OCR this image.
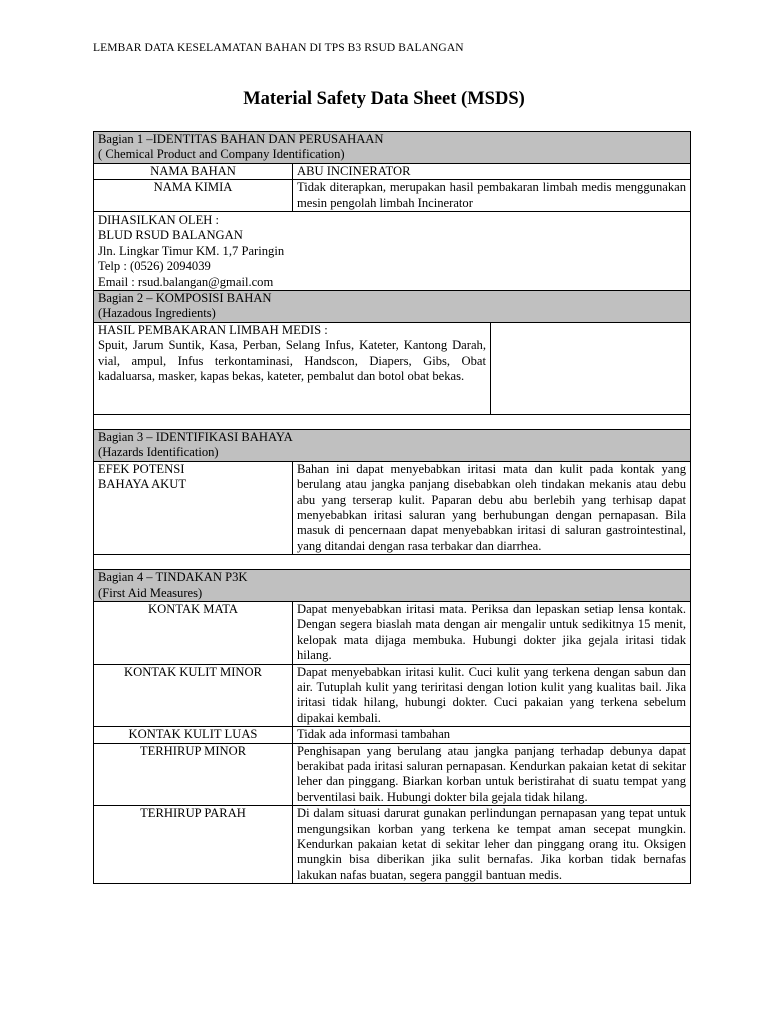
LEMBAR DATA KESELAMATAN BAHAN DI TPS B3 RSUD BALANGAN
Material Safety Data Sheet (MSDS)
Bagian 1 –IDENTITAS BAHAN DAN PERUSAHAAN
( Chemical Product and Company Identification)		

NAMA BAHAN	ABU INCINERATOR	
NAMA KIMIA	Tidak diterapkan, merupakan hasil pembakaran limbah medis menggunakan mesin pengolah limbah Incinerator	

DIHASILKAN OLEH :
BLUD RSUD BALANGAN
Jln. Lingkar Timur KM. 1,7 Paringin
Telp : (0526) 2094039
Email : rsud.balangan@gmail.com		

Bagian 2 – KOMPOSISI BAHAN
(Hazadous Ingredients)		

HASIL PEMBAKARAN LIMBAH MEDIS :
Spuit, Jarum Suntik, Kasa, Perban, Selang Infus, Kateter, Kantong Darah, vial, ampul, Infus terkontaminasi, Handscon, Diapers, Gibs, Obat kadaluarsa, masker, kapas bekas, kateter, pembalut dan botol obat bekas.		

Bagian 3 – IDENTIFIKASI BAHAYA
(Hazards Identification)		

EFEK POTENSI
BAHAYA AKUT	Bahan ini dapat menyebabkan iritasi mata dan kulit pada kontak yang berulang atau jangka panjang disebabkan oleh tindakan mekanis atau debu abu yang terserap kulit. Paparan debu abu berlebih yang terhisap dapat menyebabkan iritasi saluran yang berhubungan dengan pernapasan. Bila masuk di pencernaan dapat menyebabkan iritasi di saluran gastrointestinal, yang ditandai dengan rasa terbakar dan diarrhea.	

Bagian 4 – TINDAKAN P3K
(First Aid Measures)		

KONTAK MATA	Dapat menyebabkan iritasi mata. Periksa dan lepaskan setiap lensa kontak. Dengan segera biaslah mata dengan air mengalir untuk sedikitnya 15 menit, kelopak mata dijaga membuka. Hubungi dokter jika gejala iritasi tidak hilang.	
KONTAK KULIT MINOR	Dapat menyebabkan iritasi kulit. Cuci kulit yang terkena dengan sabun dan air. Tutuplah kulit yang teriritasi dengan lotion kulit yang kualitas bail. Jika iritasi tidak hilang, hubungi dokter. Cuci pakaian yang terkena sebelum dipakai kembali.	
KONTAK KULIT LUAS	Tidak ada informasi tambahan	
TERHIRUP MINOR	Penghisapan yang berulang atau jangka panjang terhadap debunya dapat berakibat pada iritasi saluran pernapasan. Kendurkan pakaian ketat di sekitar leher dan pinggang. Biarkan korban untuk beristirahat di suatu tempat yang berventilasi baik. Hubungi dokter bila gejala tidak hilang.	
TERHIRUP PARAH	Di dalam situasi darurat gunakan perlindungan pernapasan yang tepat untuk mengungsikan korban yang terkena ke tempat aman secepat mungkin. Kendurkan pakaian ketat di sekitar leher dan pinggang orang itu. Oksigen mungkin bisa diberikan jika sulit bernafas. Jika korban tidak bernafas lakukan nafas buatan, segera panggil bantuan medis.	
